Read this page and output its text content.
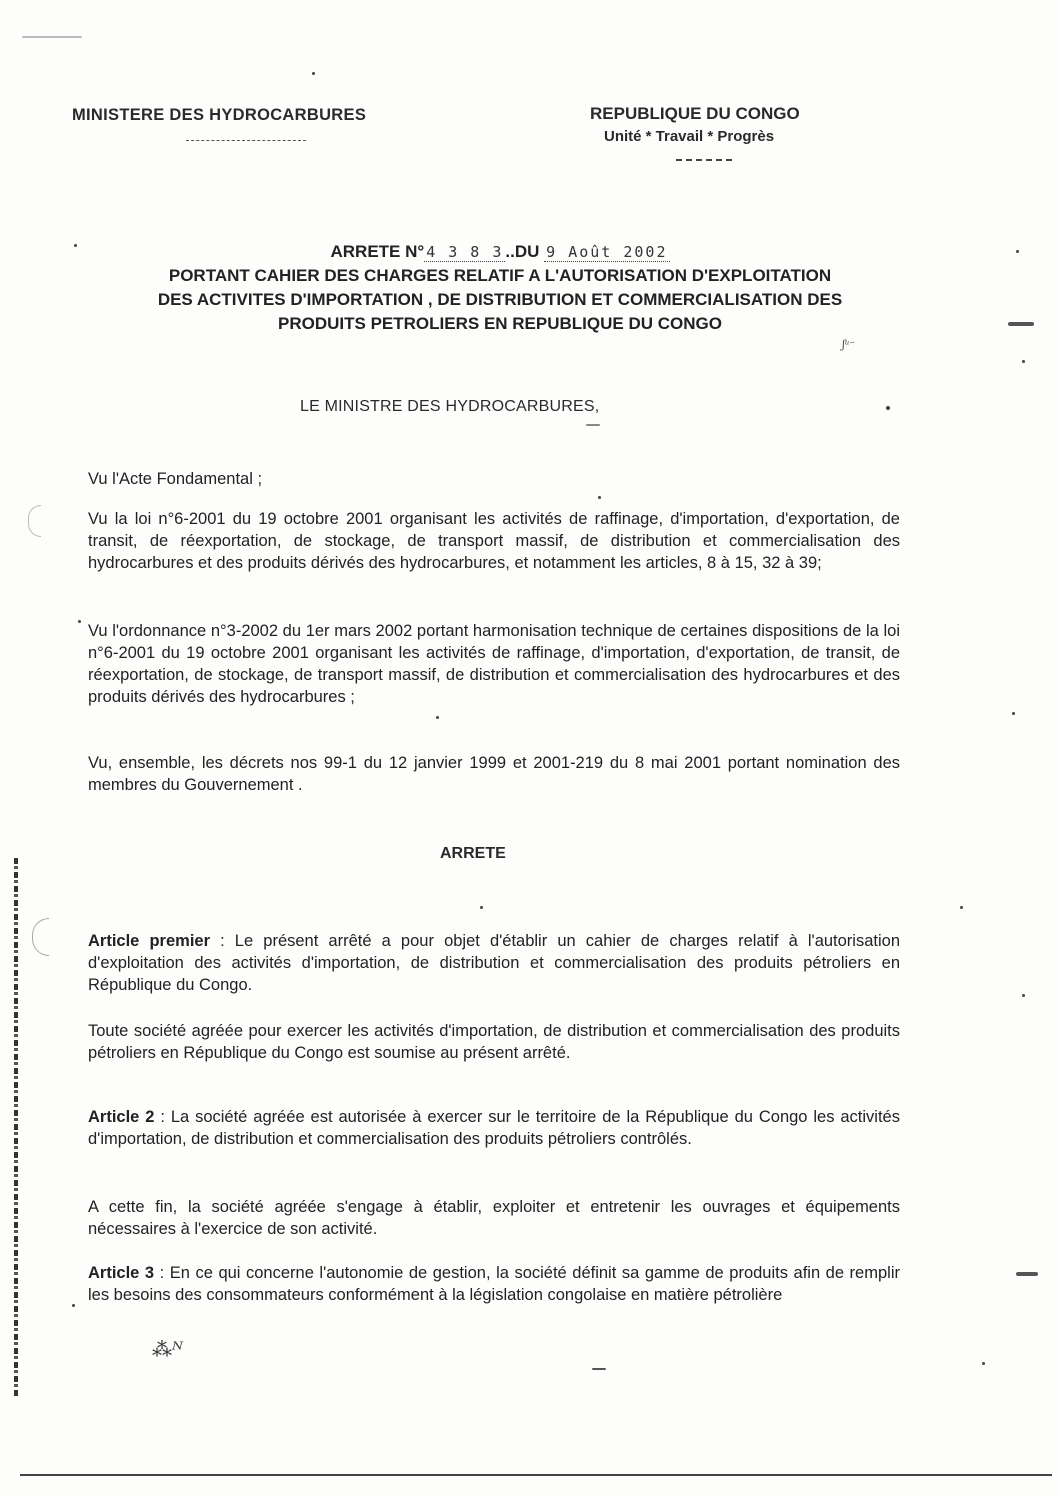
MINISTERE DES HYDROCARBURES	REPUBLIQUE DU CONGO
Unité * Travail * Progrès
ARRETE N° 4 3 8 3 ..DU 9 Août 2002
PORTANT CAHIER DES CHARGES RELATIF A L'AUTORISATION D'EXPLOITATION
DES ACTIVITES D'IMPORTATION , DE DISTRIBUTION ET COMMERCIALISATION DES
PRODUITS PETROLIERS EN REPUBLIQUE DU CONGO
LE MINISTRE DES HYDROCARBURES,
Vu l'Acte Fondamental ;
Vu la loi n°6-2001 du 19 octobre 2001 organisant les activités de raffinage, d'importation, d'exportation, de transit, de réexportation, de stockage, de transport massif, de distribution et commercialisation des hydrocarbures et des produits dérivés des hydrocarbures, et notamment les articles, 8 à 15, 32 à 39;
Vu l'ordonnance n°3-2002 du 1er mars 2002 portant harmonisation technique de certaines dispositions de la loi n°6-2001 du 19 octobre 2001 organisant les activités de raffinage, d'importation, d'exportation, de transit, de réexportation, de stockage, de transport massif, de distribution et commercialisation des hydrocarbures et des produits dérivés des hydrocarbures ;
Vu, ensemble, les décrets nos 99-1 du 12 janvier 1999 et 2001-219 du 8 mai 2001 portant nomination des membres du Gouvernement .
ARRETE
Article premier : Le présent arrêté a pour objet d'établir un cahier de charges relatif à l'autorisation d'exploitation des activités d'importation, de distribution et commercialisation des produits pétroliers en République du Congo.
Toute société agréée pour exercer les activités d'importation, de distribution et commercialisation des produits pétroliers en République du Congo est soumise au présent arrêté.
Article 2 : La société agréée est autorisée à exercer sur le territoire de la République du Congo les activités d'importation, de distribution et commercialisation des produits pétroliers contrôlés.
A cette fin, la société agréée s'engage à établir, exploiter et entretenir les ouvrages et équipements nécessaires à l'exercice de son activité.
Article 3 : En ce qui concerne l'autonomie de gestion, la société définit sa gamme de produits afin de remplir les besoins des consommateurs conformément à la législation congolaise en matière pétrolière
ʃᵘ⁻
⁂ᴺ
